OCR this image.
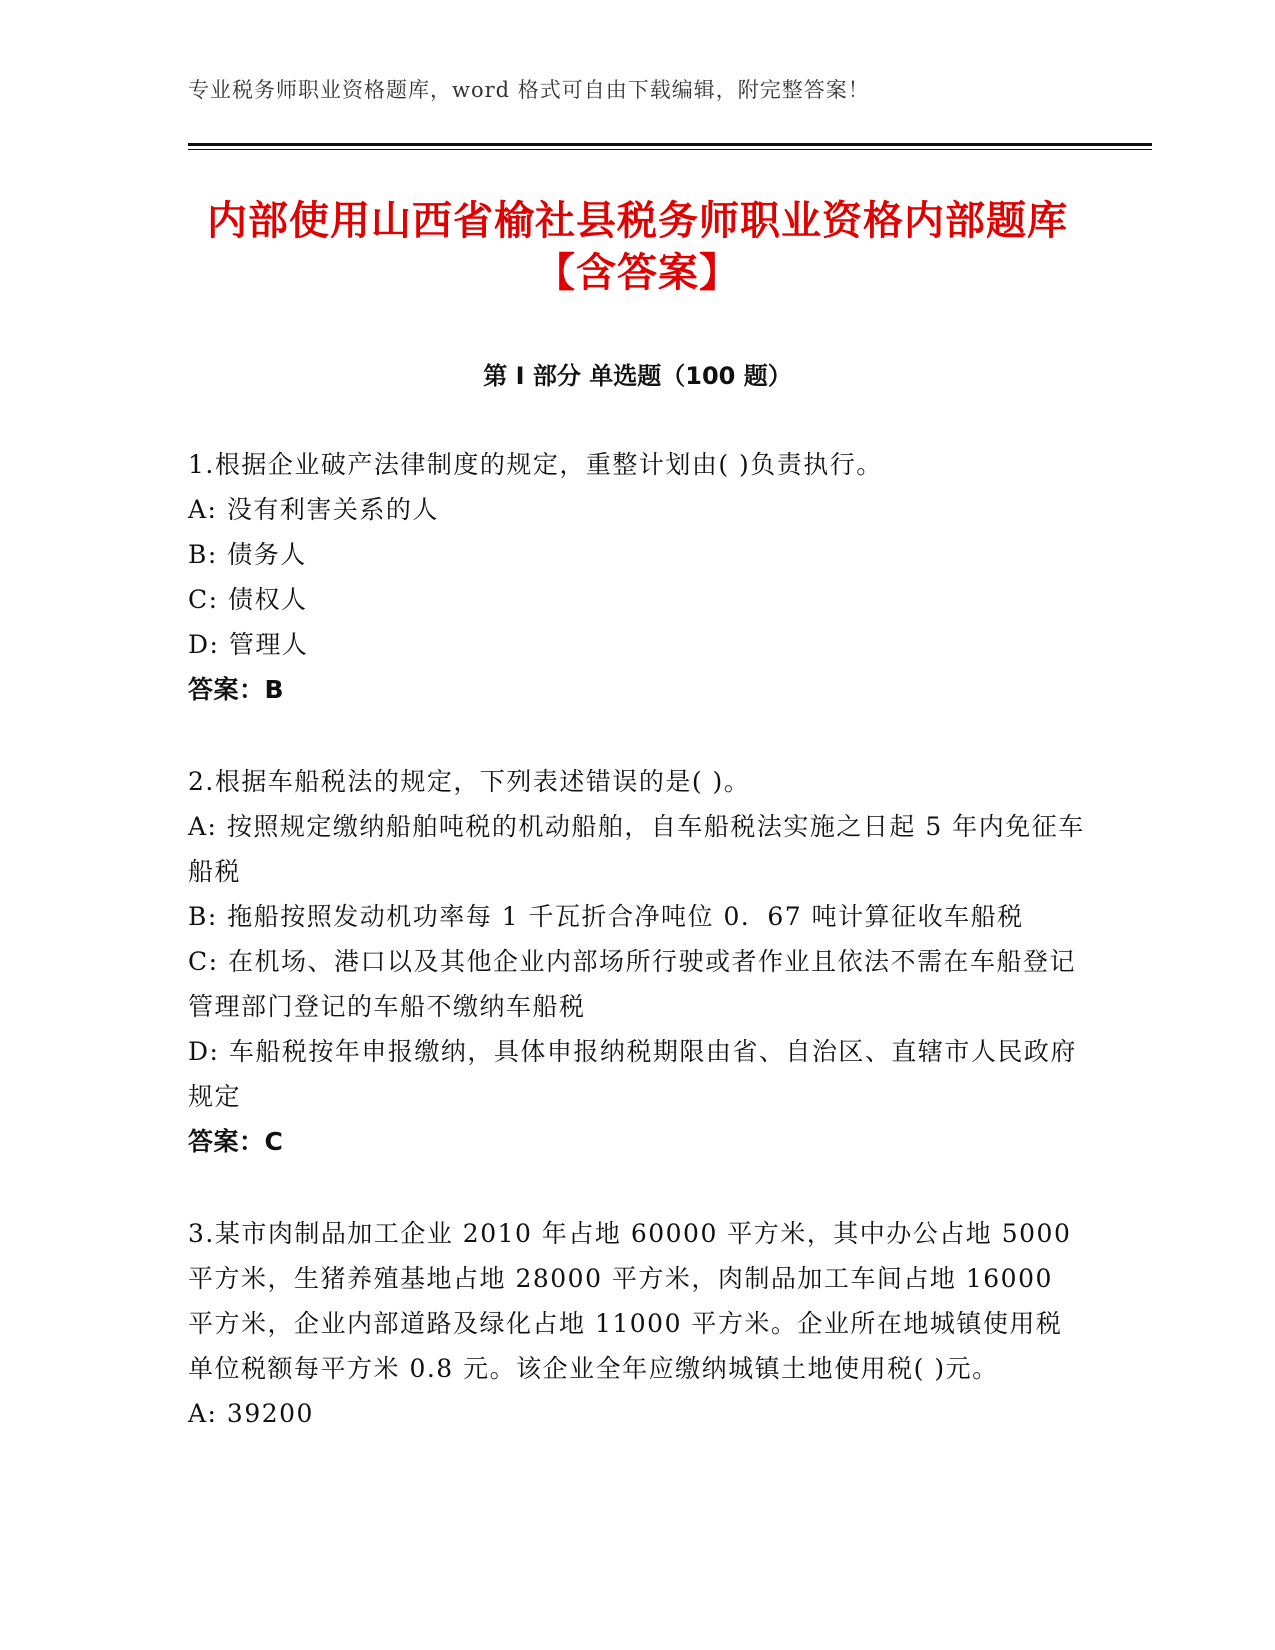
专业税务师职业资格题库，word 格式可自由下载编辑，附完整答案！
内部使用山西省榆社县税务师职业资格内部题库【含答案】
第 I 部分 单选题（100 题）

1.根据企业破产法律制度的规定，重整计划由( )负责执行。

A: 没有利害关系的人

B: 债务人

C: 债权人

D: 管理人

答案：B

2.根据车船税法的规定，下列表述错误的是( )。

A: 按照规定缴纳船舶吨税的机动船舶，自车船税法实施之日起 5 年内免征车船税

B: 拖船按照发动机功率每 1 千瓦折合净吨位 0．67 吨计算征收车船税

C: 在机场、港口以及其他企业内部场所行驶或者作业且依法不需在车船登记管理部门登记的车船不缴纳车船税

D: 车船税按年申报缴纳，具体申报纳税期限由省、自治区、直辖市人民政府规定

答案：C

3.某市肉制品加工企业 2010 年占地 60000 平方米，其中办公占地 5000 平方米，生猪养殖基地占地 28000 平方米，肉制品加工车间占地 16000 平方米，企业内部道路及绿化占地 11000 平方米。企业所在地城镇使用税单位税额每平方米 0.8 元。该企业全年应缴纳城镇土地使用税( )元。

A: 39200
